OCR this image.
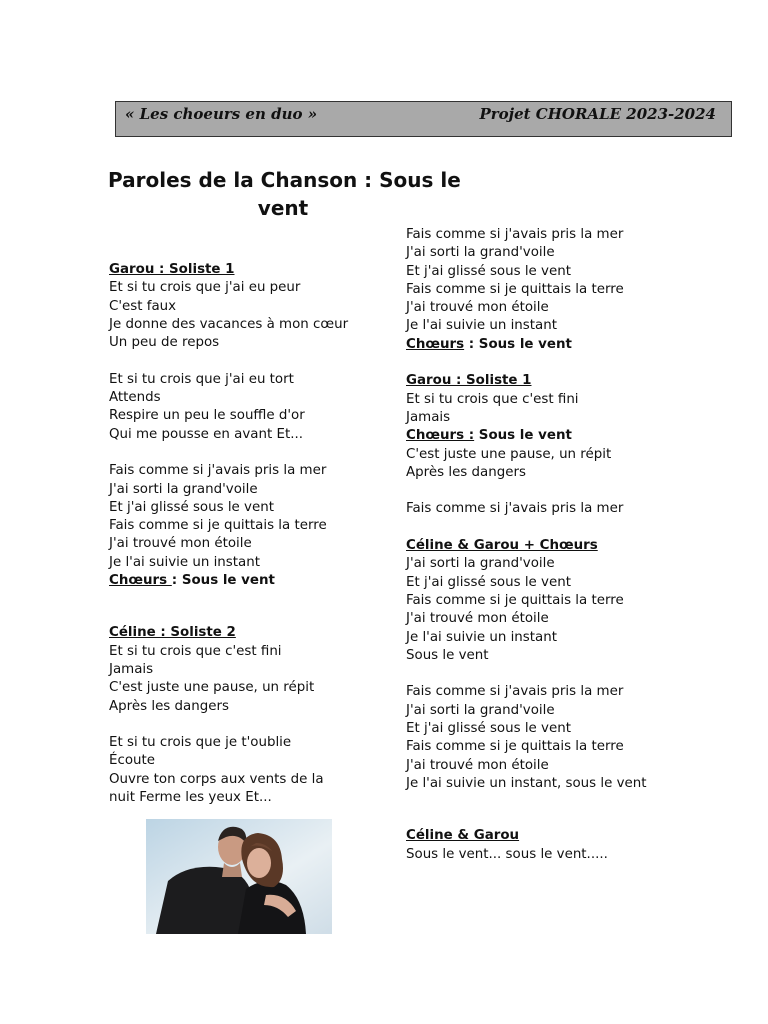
« Les choeurs en duo »	Projet CHORALE 2023-2024
Paroles de la Chanson : Sous le
vent
Garou : Soliste 1
Et si tu crois que j'ai eu peur
C'est faux
Je donne des vacances à mon cœur
Un peu de repos
Et si tu crois que j'ai eu tort
Attends
Respire un peu le souffle d'or
Qui me pousse en avant Et...
Fais comme si j'avais pris la mer
J'ai sorti la grand'voile
Et j'ai glissé sous le vent
Fais comme si je quittais la terre
J'ai trouvé mon étoile
Je l'ai suivie un instant
Chœurs : Sous le vent
Céline : Soliste 2
Et si tu crois que c'est fini
Jamais
C'est juste une pause, un répit
Après les dangers
Et si tu crois que je t'oublie
Écoute
Ouvre ton corps aux vents de la
nuit Ferme les yeux Et...
Fais comme si j'avais pris la mer
J'ai sorti la grand'voile
Et j'ai glissé sous le vent
Fais comme si je quittais la terre
J'ai trouvé mon étoile
Je l'ai suivie un instant
Chœurs : Sous le vent
Garou : Soliste 1
Et si tu crois que c'est fini
Jamais
Chœurs : Sous le vent
C'est juste une pause, un répit
Après les dangers
Fais comme si j'avais pris la mer
Céline & Garou + Chœurs
J'ai sorti la grand'voile
Et j'ai glissé sous le vent
Fais comme si je quittais la terre
J'ai trouvé mon étoile
Je l'ai suivie un instant
Sous le vent
Fais comme si j'avais pris la mer
J'ai sorti la grand'voile
Et j'ai glissé sous le vent
Fais comme si je quittais la terre
J'ai trouvé mon étoile
Je l'ai suivie un instant, sous le vent
Céline & Garou
Sous le vent... sous le vent.....
